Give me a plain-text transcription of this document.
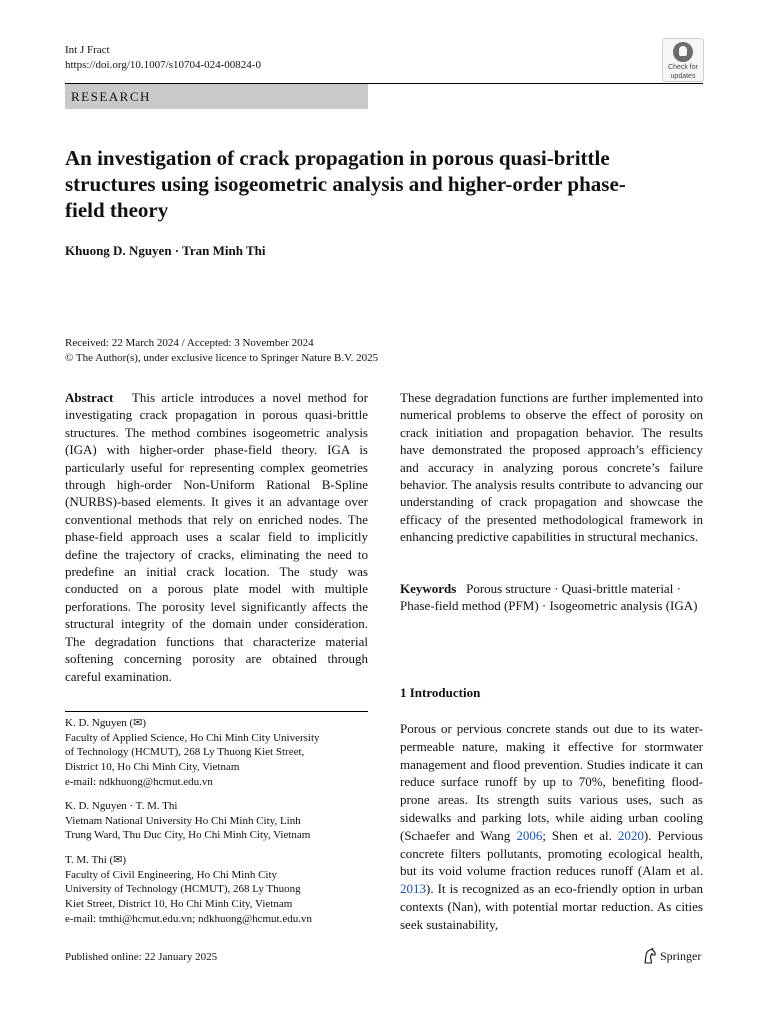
Int J Fract
https://doi.org/10.1007/s10704-024-00824-0	Check for
updates
RESEARCH
An investigation of crack propagation in porous quasi-brittle structures using isogeometric analysis and higher-order phase-field theory
Khuong D. Nguyen · Tran Minh Thi
Received: 22 March 2024 / Accepted: 3 November 2024
© The Author(s), under exclusive licence to Springer Nature B.V. 2025
Abstract This article introduces a novel method for investigating crack propagation in porous quasi-brittle structures. The method combines isogeometric analysis (IGA) with higher-order phase-field theory. IGA is particularly useful for representing complex geometries through high-order Non-Uniform Rational B-Spline (NURBS)-based elements. It gives it an advantage over conventional methods that rely on enriched nodes. The phase-field approach uses a scalar field to implicitly define the trajectory of cracks, eliminating the need to predefine an initial crack location. The study was conducted on a porous plate model with multiple perforations. The porosity level significantly affects the structural integrity of the domain under consideration. The degradation functions that characterize material softening concerning porosity are obtained through careful examination.
These degradation functions are further implemented into numerical problems to observe the effect of porosity on crack initiation and propagation behavior. The results have demonstrated the proposed approach’s efficiency and accuracy in analyzing porous concrete’s failure behavior. The analysis results contribute to advancing our understanding of crack propagation and showcase the efficacy of the presented methodological framework in enhancing predictive capabilities in structural mechanics.
Keywords Porous structure · Quasi-brittle material · Phase-field method (PFM) · Isogeometric analysis (IGA)
1 Introduction
Porous or pervious concrete stands out due to its water-permeable nature, making it effective for stormwater management and flood prevention. Studies indicate it can reduce surface runoff by up to 70%, benefiting flood-prone areas. Its strength suits various uses, such as sidewalks and parking lots, while aiding urban cooling (Schaefer and Wang 2006; Shen et al. 2020). Pervious concrete filters pollutants, promoting ecological health, but its void volume fraction reduces runoff (Alam et al. 2013). It is recognized as an eco-friendly option in urban contexts (Nan), with potential mortar reduction. As cities seek sustainability,
K. D. Nguyen (✉)
Faculty of Applied Science, Ho Chi Minh City University
of Technology (HCMUT), 268 Ly Thuong Kiet Street,
District 10, Ho Chi Minh City, Vietnam
e-mail: ndkhuong@hcmut.edu.vn
K. D. Nguyen · T. M. Thi
Vietnam National University Ho Chi Minh City, Linh
Trung Ward, Thu Duc City, Ho Chi Minh City, Vietnam
T. M. Thi (✉)
Faculty of Civil Engineering, Ho Chi Minh City
University of Technology (HCMUT), 268 Ly Thuong
Kiet Street, District 10, Ho Chi Minh City, Vietnam
e-mail: tmthi@hcmut.edu.vn; ndkhuong@hcmut.edu.vn
Published online: 22 January 2025	Springer
